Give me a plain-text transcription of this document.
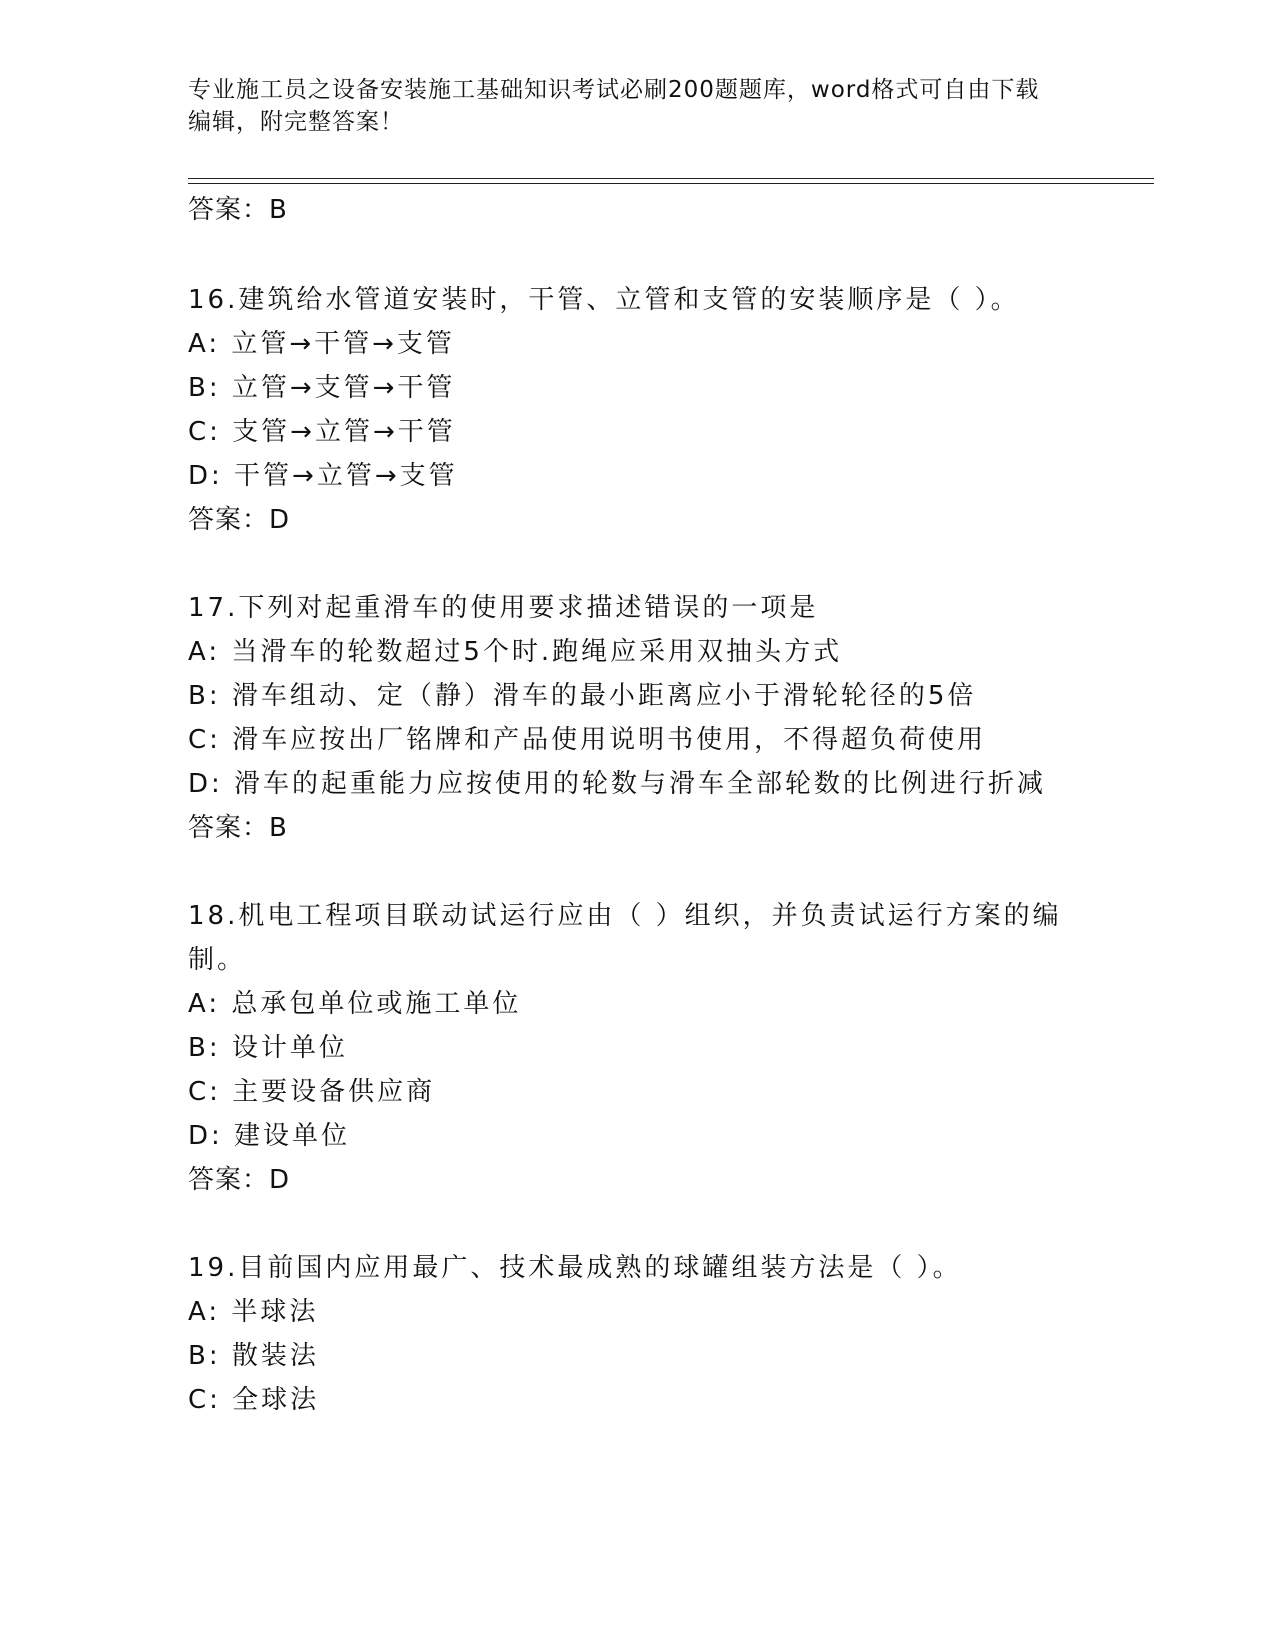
专业施工员之设备安装施工基础知识考试必刷200题题库，word格式可自由下载
编辑，附完整答案！
答案：B
16.建筑给水管道安装时，干管、立管和支管的安装顺序是（ ）。
A: 立管→干管→支管
B: 立管→支管→干管
C: 支管→立管→干管
D: 干管→立管→支管
答案：D
17.下列对起重滑车的使用要求描述错误的一项是
A: 当滑车的轮数超过5个时.跑绳应采用双抽头方式
B: 滑车组动、定（静）滑车的最小距离应小于滑轮轮径的5倍
C: 滑车应按出厂铭牌和产品使用说明书使用，不得超负荷使用
D: 滑车的起重能力应按使用的轮数与滑车全部轮数的比例进行折减
答案：B
18.机电工程项目联动试运行应由（ ）组织，并负责试运行方案的编
制。
A: 总承包单位或施工单位
B: 设计单位
C: 主要设备供应商
D: 建设单位
答案：D
19.目前国内应用最广、技术最成熟的球罐组装方法是（ ）。
A: 半球法
B: 散装法
C: 全球法
